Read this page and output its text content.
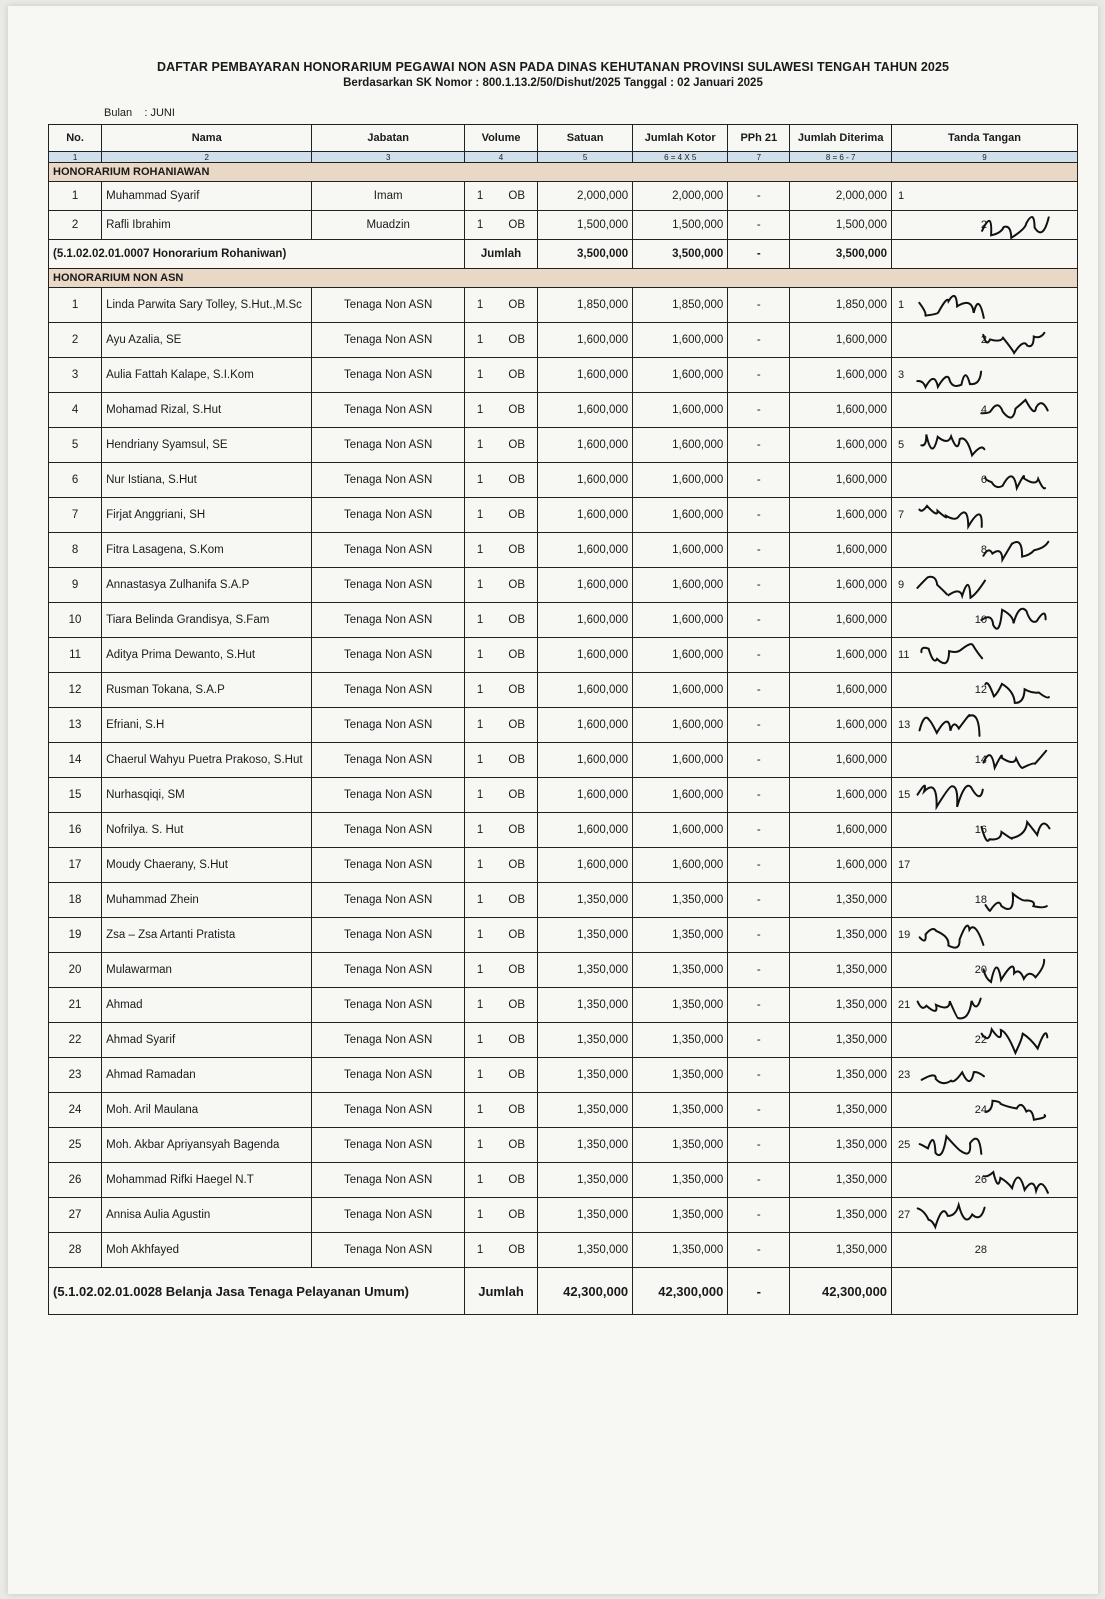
DAFTAR PEMBAYARAN HONORARIUM PEGAWAI NON ASN PADA DINAS KEHUTANAN PROVINSI SULAWESI TENGAH TAHUN 2025
Berdasarkan SK Nomor : 800.1.13.2/50/Dishut/2025 Tanggal : 02 Januari 2025
Bulan : JUNI
No.	Nama	Jabatan	Volume	Satuan	Jumlah Kotor	PPh 21	Jumlah Diterima	Tanda Tangan
1	2	3	4	5	6 = 4 X 5	7	8 = 6 - 7	9
HONORARIUM ROHANIAWAN								
1	Muhammad Syarif	Imam	1 OB	2,000,000	2,000,000	-	2,000,000	1

2	Rafli Ibrahim	Muadzin	1 OB	1,500,000	1,500,000	-	1,500,000	2

(5.1.02.02.01.0007 Honorarium Rohaniwan)			Jumlah	3,500,000	3,500,000	-	3,500,000	
HONORARIUM NON ASN								
1	Linda Parwita Sary Tolley, S.Hut.,M.Sc	Tenaga Non ASN	1 OB	1,850,000	1,850,000	-	1,850,000	1

2	Ayu Azalia, SE	Tenaga Non ASN	1 OB	1,600,000	1,600,000	-	1,600,000	2

3	Aulia Fattah Kalape, S.I.Kom	Tenaga Non ASN	1 OB	1,600,000	1,600,000	-	1,600,000	3

4	Mohamad Rizal, S.Hut	Tenaga Non ASN	1 OB	1,600,000	1,600,000	-	1,600,000	4

5	Hendriany Syamsul, SE	Tenaga Non ASN	1 OB	1,600,000	1,600,000	-	1,600,000	5

6	Nur Istiana, S.Hut	Tenaga Non ASN	1 OB	1,600,000	1,600,000	-	1,600,000	6

7	Firjat Anggriani, SH	Tenaga Non ASN	1 OB	1,600,000	1,600,000	-	1,600,000	7

8	Fitra Lasagena, S.Kom	Tenaga Non ASN	1 OB	1,600,000	1,600,000	-	1,600,000	8

9	Annastasya Zulhanifa S.A.P	Tenaga Non ASN	1 OB	1,600,000	1,600,000	-	1,600,000	9

10	Tiara Belinda Grandisya, S.Fam	Tenaga Non ASN	1 OB	1,600,000	1,600,000	-	1,600,000	10

11	Aditya Prima Dewanto, S.Hut	Tenaga Non ASN	1 OB	1,600,000	1,600,000	-	1,600,000	11

12	Rusman Tokana, S.A.P	Tenaga Non ASN	1 OB	1,600,000	1,600,000	-	1,600,000	12

13	Efriani, S.H	Tenaga Non ASN	1 OB	1,600,000	1,600,000	-	1,600,000	13

14	Chaerul Wahyu Puetra Prakoso, S.Hut	Tenaga Non ASN	1 OB	1,600,000	1,600,000	-	1,600,000	14

15	Nurhasqiqi, SM	Tenaga Non ASN	1 OB	1,600,000	1,600,000	-	1,600,000	15

16	Nofrilya. S. Hut	Tenaga Non ASN	1 OB	1,600,000	1,600,000	-	1,600,000	16

17	Moudy Chaerany, S.Hut	Tenaga Non ASN	1 OB	1,600,000	1,600,000	-	1,600,000	17

18	Muhammad Zhein	Tenaga Non ASN	1 OB	1,350,000	1,350,000	-	1,350,000	18

19	Zsa – Zsa Artanti Pratista	Tenaga Non ASN	1 OB	1,350,000	1,350,000	-	1,350,000	19

20	Mulawarman	Tenaga Non ASN	1 OB	1,350,000	1,350,000	-	1,350,000	20

21	Ahmad	Tenaga Non ASN	1 OB	1,350,000	1,350,000	-	1,350,000	21

22	Ahmad Syarif	Tenaga Non ASN	1 OB	1,350,000	1,350,000	-	1,350,000	22

23	Ahmad Ramadan	Tenaga Non ASN	1 OB	1,350,000	1,350,000	-	1,350,000	23

24	Moh. Aril Maulana	Tenaga Non ASN	1 OB	1,350,000	1,350,000	-	1,350,000	24

25	Moh. Akbar Apriyansyah Bagenda	Tenaga Non ASN	1 OB	1,350,000	1,350,000	-	1,350,000	25

26	Mohammad Rifki Haegel N.T	Tenaga Non ASN	1 OB	1,350,000	1,350,000	-	1,350,000	26

27	Annisa Aulia Agustin	Tenaga Non ASN	1 OB	1,350,000	1,350,000	-	1,350,000	27

28	Moh Akhfayed	Tenaga Non ASN	1 OB	1,350,000	1,350,000	-	1,350,000	28

(5.1.02.02.01.0028 Belanja Jasa Tenaga Pelayanan Umum)			Jumlah	42,300,000	42,300,000	-	42,300,000	
